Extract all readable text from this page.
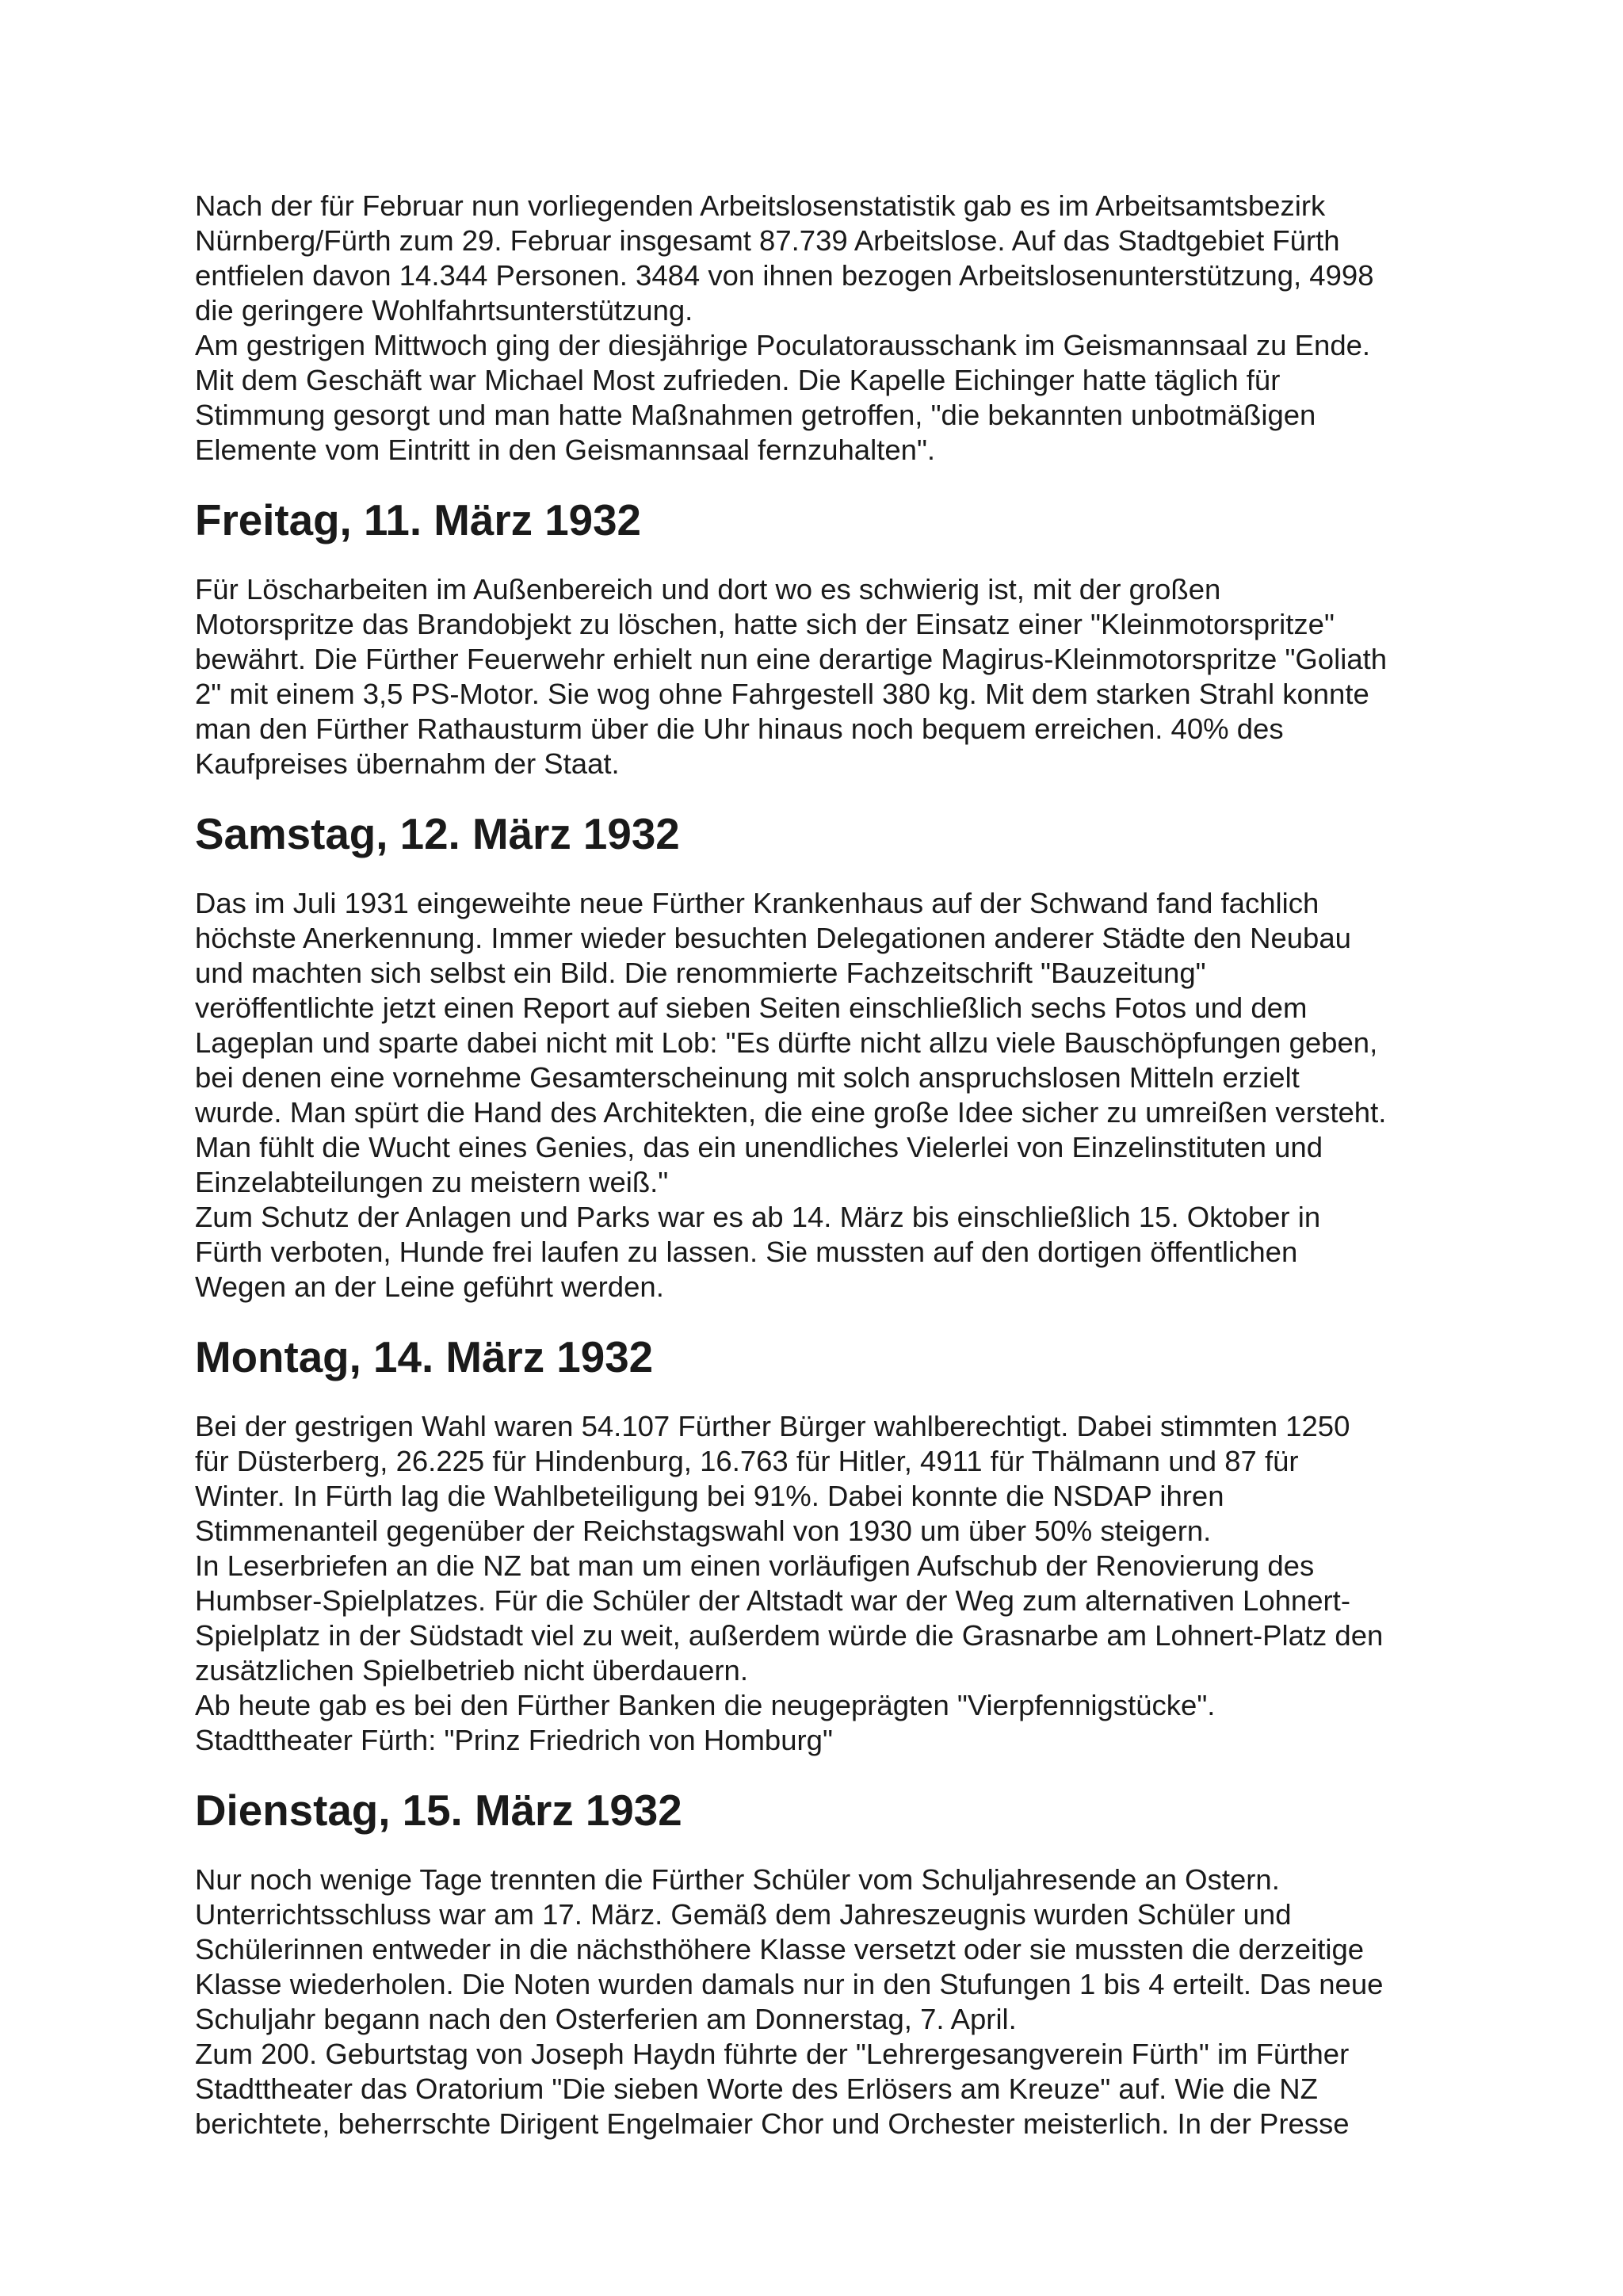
Nach der für Februar nun vorliegenden Arbeitslosenstatistik gab es im Arbeitsamtsbezirk
Nürnberg/Fürth zum 29. Februar insgesamt 87.739 Arbeitslose. Auf das Stadtgebiet Fürth
entfielen davon 14.344 Personen. 3484 von ihnen bezogen Arbeitslosenunterstützung, 4998
die geringere Wohlfahrtsunterstützung.
Am gestrigen Mittwoch ging der diesjährige Poculatorausschank im Geismannsaal zu Ende.
Mit dem Geschäft war Michael Most zufrieden. Die Kapelle Eichinger hatte täglich für
Stimmung gesorgt und man hatte Maßnahmen getroffen, "die bekannten unbotmäßigen
Elemente vom Eintritt in den Geismannsaal fernzuhalten".
Freitag, 11. März 1932
Für Löscharbeiten im Außenbereich und dort wo es schwierig ist, mit der großen
Motorspritze das Brandobjekt zu löschen, hatte sich der Einsatz einer "Kleinmotorspritze"
bewährt. Die Fürther Feuerwehr erhielt nun eine derartige Magirus-Kleinmotorspritze "Goliath
2" mit einem 3,5 PS-Motor. Sie wog ohne Fahrgestell 380 kg. Mit dem starken Strahl konnte
man den Fürther Rathausturm über die Uhr hinaus noch bequem erreichen. 40% des
Kaufpreises übernahm der Staat.
Samstag, 12. März 1932
Das im Juli 1931 eingeweihte neue Fürther Krankenhaus auf der Schwand fand fachlich
höchste Anerkennung. Immer wieder besuchten Delegationen anderer Städte den Neubau
und machten sich selbst ein Bild. Die renommierte Fachzeitschrift "Bauzeitung"
veröffentlichte jetzt einen Report auf sieben Seiten einschließlich sechs Fotos und dem
Lageplan und sparte dabei nicht mit Lob: "Es dürfte nicht allzu viele Bauschöpfungen geben,
bei denen eine vornehme Gesamterscheinung mit solch anspruchslosen Mitteln erzielt
wurde. Man spürt die Hand des Architekten, die eine große Idee sicher zu umreißen versteht.
Man fühlt die Wucht eines Genies, das ein unendliches Vielerlei von Einzelinstituten und
Einzelabteilungen zu meistern weiß."
Zum Schutz der Anlagen und Parks war es ab 14. März bis einschließlich 15. Oktober in
Fürth verboten, Hunde frei laufen zu lassen. Sie mussten auf den dortigen öffentlichen
Wegen an der Leine geführt werden.
Montag, 14. März 1932
Bei der gestrigen Wahl waren 54.107 Fürther Bürger wahlberechtigt. Dabei stimmten 1250
für Düsterberg, 26.225 für Hindenburg, 16.763 für Hitler, 4911 für Thälmann und 87 für
Winter. In Fürth lag die Wahlbeteiligung bei 91%. Dabei konnte die NSDAP ihren
Stimmenanteil gegenüber der Reichstagswahl von 1930 um über 50% steigern.
In Leserbriefen an die NZ bat man um einen vorläufigen Aufschub der Renovierung des
Humbser-Spielplatzes. Für die Schüler der Altstadt war der Weg zum alternativen Lohnert-
Spielplatz in der Südstadt viel zu weit, außerdem würde die Grasnarbe am Lohnert-Platz den
zusätzlichen Spielbetrieb nicht überdauern.
Ab heute gab es bei den Fürther Banken die neugeprägten "Vierpfennigstücke".
Stadttheater Fürth: "Prinz Friedrich von Homburg"
Dienstag, 15. März 1932
Nur noch wenige Tage trennten die Fürther Schüler vom Schuljahresende an Ostern.
Unterrichtsschluss war am 17. März. Gemäß dem Jahreszeugnis wurden Schüler und
Schülerinnen entweder in die nächsthöhere Klasse versetzt oder sie mussten die derzeitige
Klasse wiederholen. Die Noten wurden damals nur in den Stufungen 1 bis 4 erteilt. Das neue
Schuljahr begann nach den Osterferien am Donnerstag, 7. April.
Zum 200. Geburtstag von Joseph Haydn führte der "Lehrergesangverein Fürth" im Fürther
Stadttheater das Oratorium "Die sieben Worte des Erlösers am Kreuze" auf. Wie die NZ
berichtete, beherrschte Dirigent Engelmaier Chor und Orchester meisterlich. In der Presse
